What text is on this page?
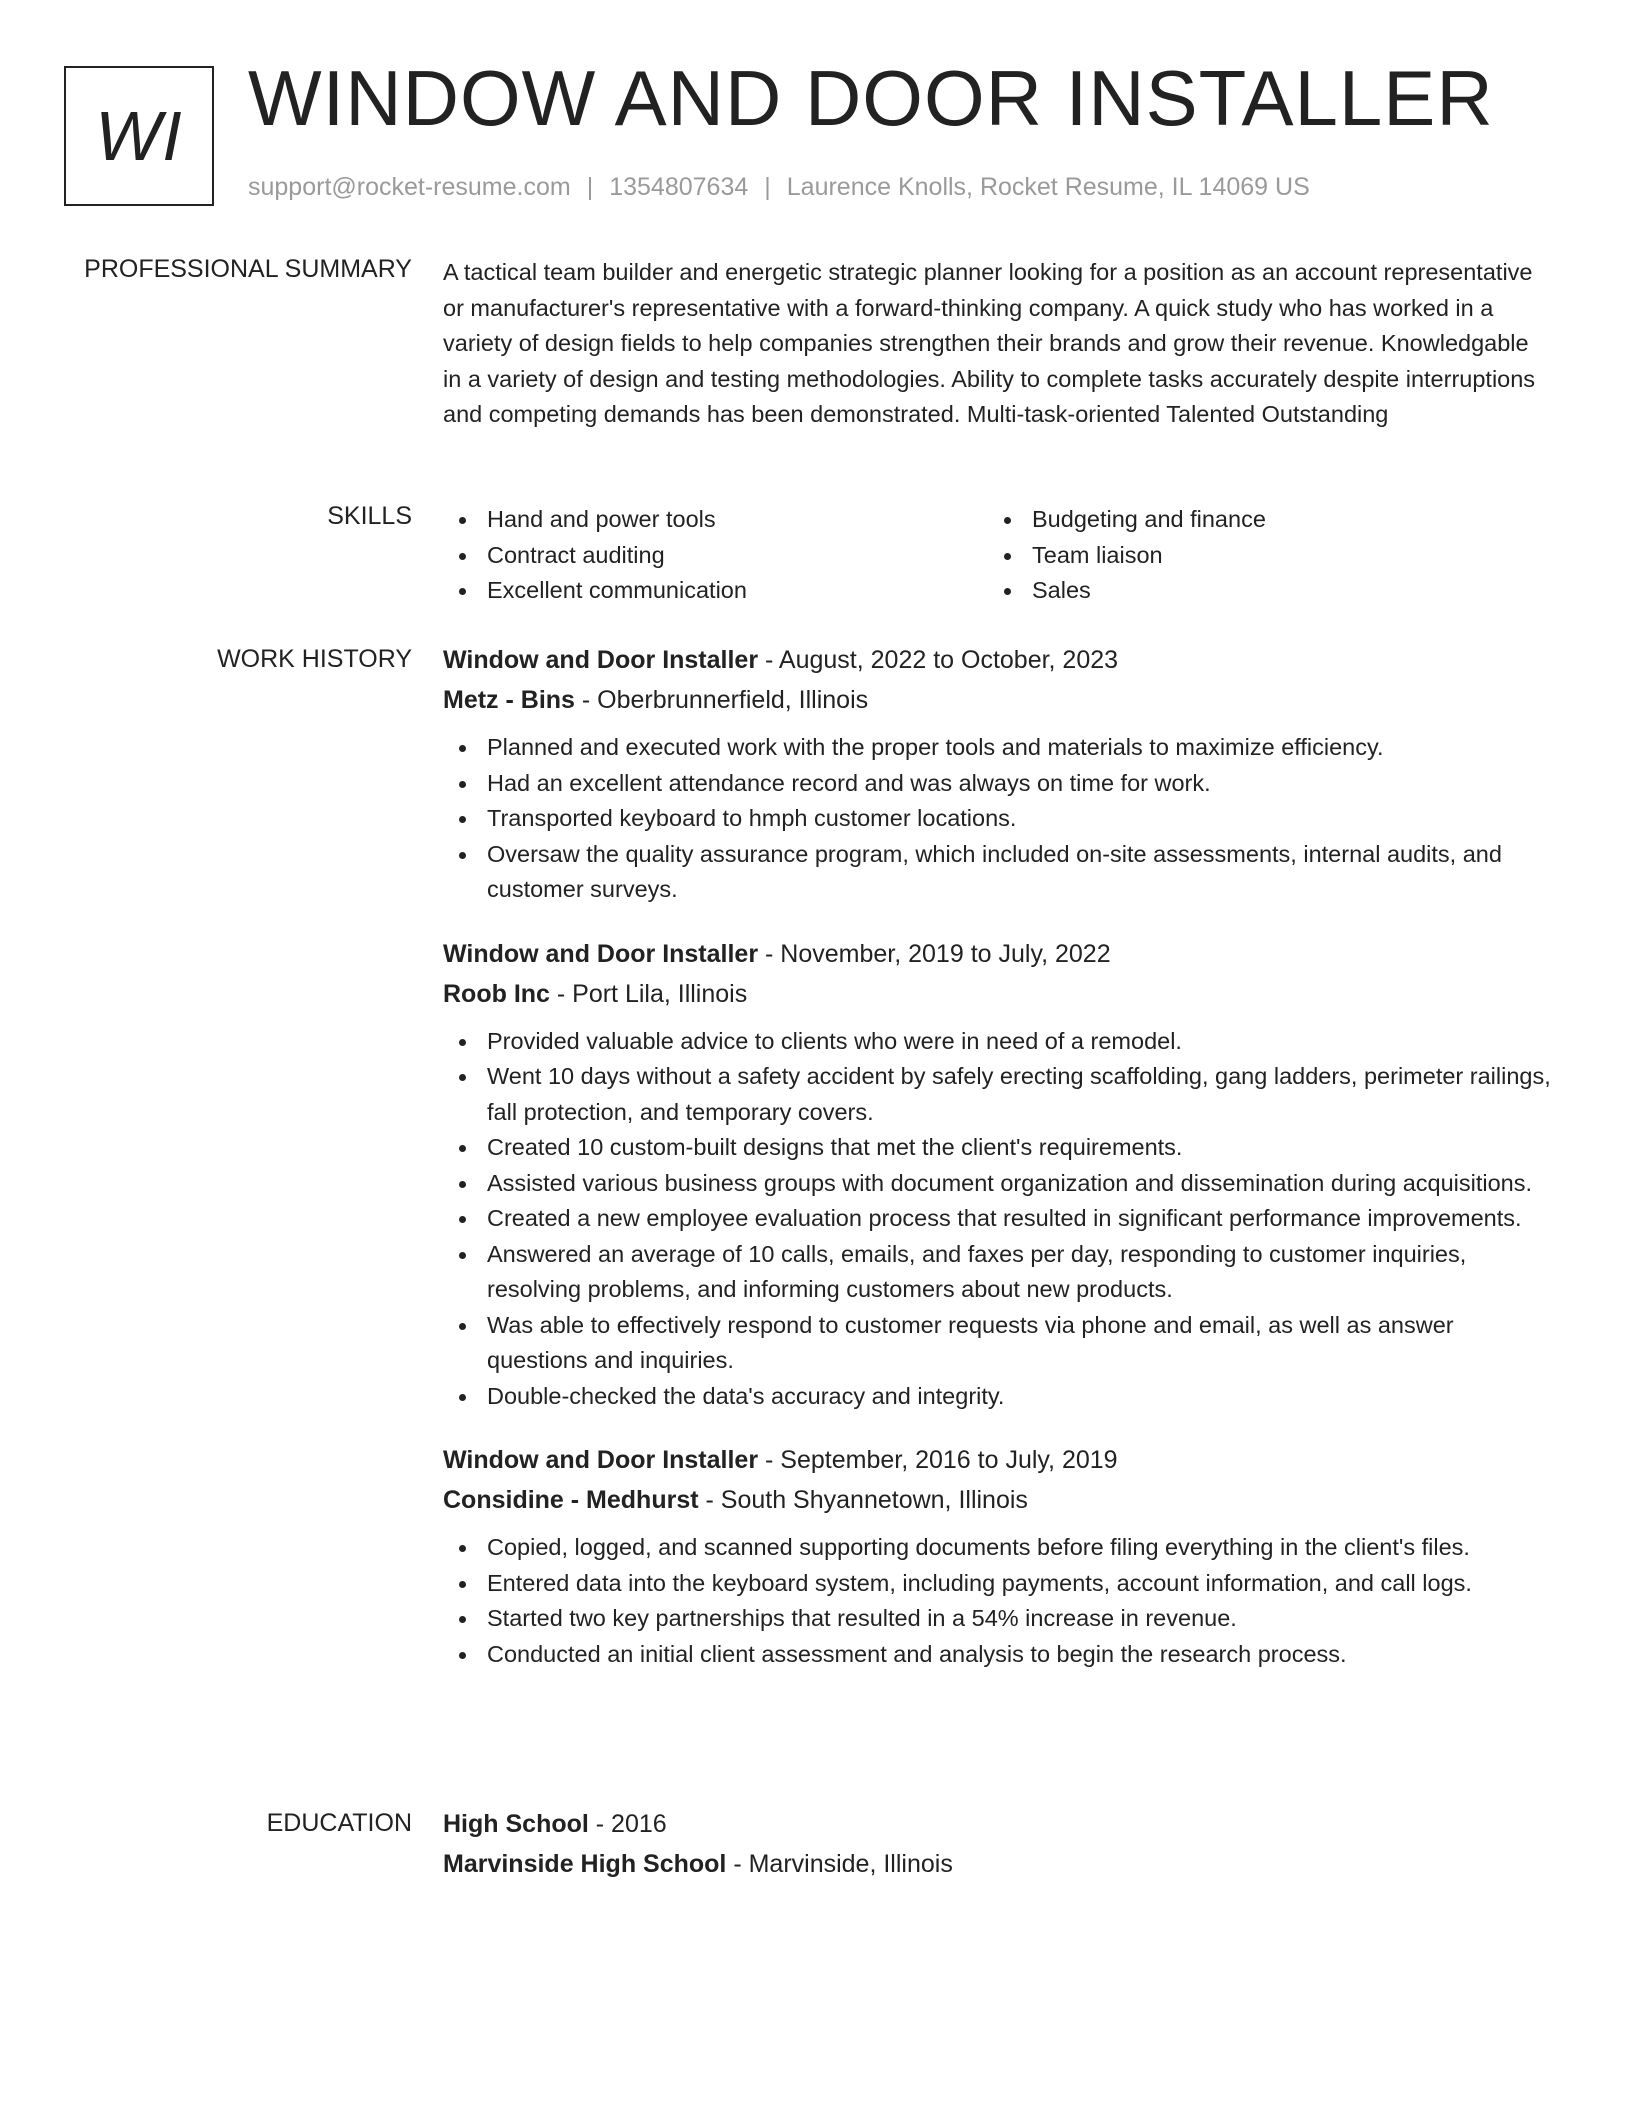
WI WINDOW AND DOOR INSTALLER
support@rocket-resume.com | 1354807634 | Laurence Knolls, Rocket Resume, IL 14069 US
PROFESSIONAL SUMMARY A tactical team builder and energetic strategic planner looking for a position as an account representative or manufacturer's representative with a forward-thinking company. A quick study who has worked in a variety of design fields to help companies strengthen their brands and grow their revenue. Knowledgable in a variety of design and testing methodologies. Ability to complete tasks accurately despite interruptions and competing demands has been demonstrated. Multi-task-oriented Talented Outstanding

SKILLS	Hand and power tools
Contract auditing
Excellent communication
Budgeting and finance
Team liaison
Sales
WORK HISTORY Window and Door Installer - August, 2022 to October, 2023
Metz - Bins - Oberbrunnerfield, Illinois
Planned and executed work with the proper tools and materials to maximize efficiency.
Had an excellent attendance record and was always on time for work.
Transported keyboard to hmph customer locations.
Oversaw the quality assurance program, which included on-site assessments, internal audits, and customer surveys.
Window and Door Installer - November, 2019 to July, 2022
Roob Inc - Port Lila, Illinois
Provided valuable advice to clients who were in need of a remodel.
Went 10 days without a safety accident by safely erecting scaffolding, gang ladders, perimeter railings, fall protection, and temporary covers.
Created 10 custom-built designs that met the client's requirements.
Assisted various business groups with document organization and dissemination during acquisitions.
Created a new employee evaluation process that resulted in significant performance improvements.
Answered an average of 10 calls, emails, and faxes per day, responding to customer inquiries, resolving problems, and informing customers about new products.
Was able to effectively respond to customer requests via phone and email, as well as answer questions and inquiries.
Double-checked the data's accuracy and integrity.
Window and Door Installer - September, 2016 to July, 2019
Considine - Medhurst - South Shyannetown, Illinois
Copied, logged, and scanned supporting documents before filing everything in the client's files.
Entered data into the keyboard system, including payments, account information, and call logs.
Started two key partnerships that resulted in a 54% increase in revenue.
Conducted an initial client assessment and analysis to begin the research process.
EDUCATION High School - 2016
Marvinside High School - Marvinside, Illinois
